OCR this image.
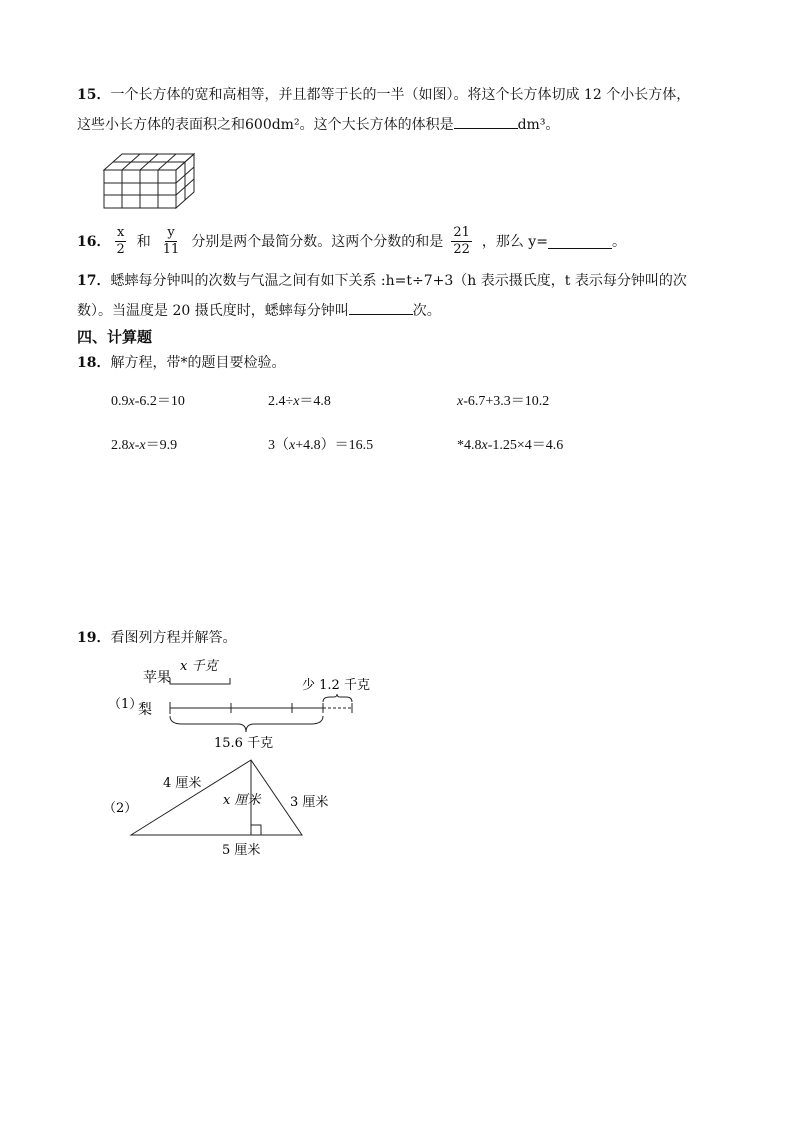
15．一个长方体的宽和高相等，并且都等于长的一半（如图）。将这个长方体切成 12 个小长方体，
这些小长方体的表面积之和600dm²。这个大长方体的体积是	dm³。
16． $\frac{x}{2}$ 和 $\frac{y}{11}$ 分别是两个最简分数。这两个分数的和是 $\frac{21}{22}$ ，那么 y=	。
17．蟋蟀每分钟叫的次数与气温之间有如下关系 :h=t÷7+3（h 表示摄氏度，t 表示每分钟叫的次
数）。当温度是 20 摄氏度时，蟋蟀每分钟叫	次。
四、计算题
18．解方程，带*的题目要检验。
0.9x-6.2＝10	2.4÷x＝4.8	x-6.7+3.3＝10.2
2.8x-x＝9.9	3（x+4.8）＝16.5	*4.8x-1.25×4＝4.6
19．看图列方程并解答。
（1）
苹果
梨
x 千克
少 1.2 千克
15.6 千克
（2）
4 厘米
x 厘米 3 厘米
5 厘米
